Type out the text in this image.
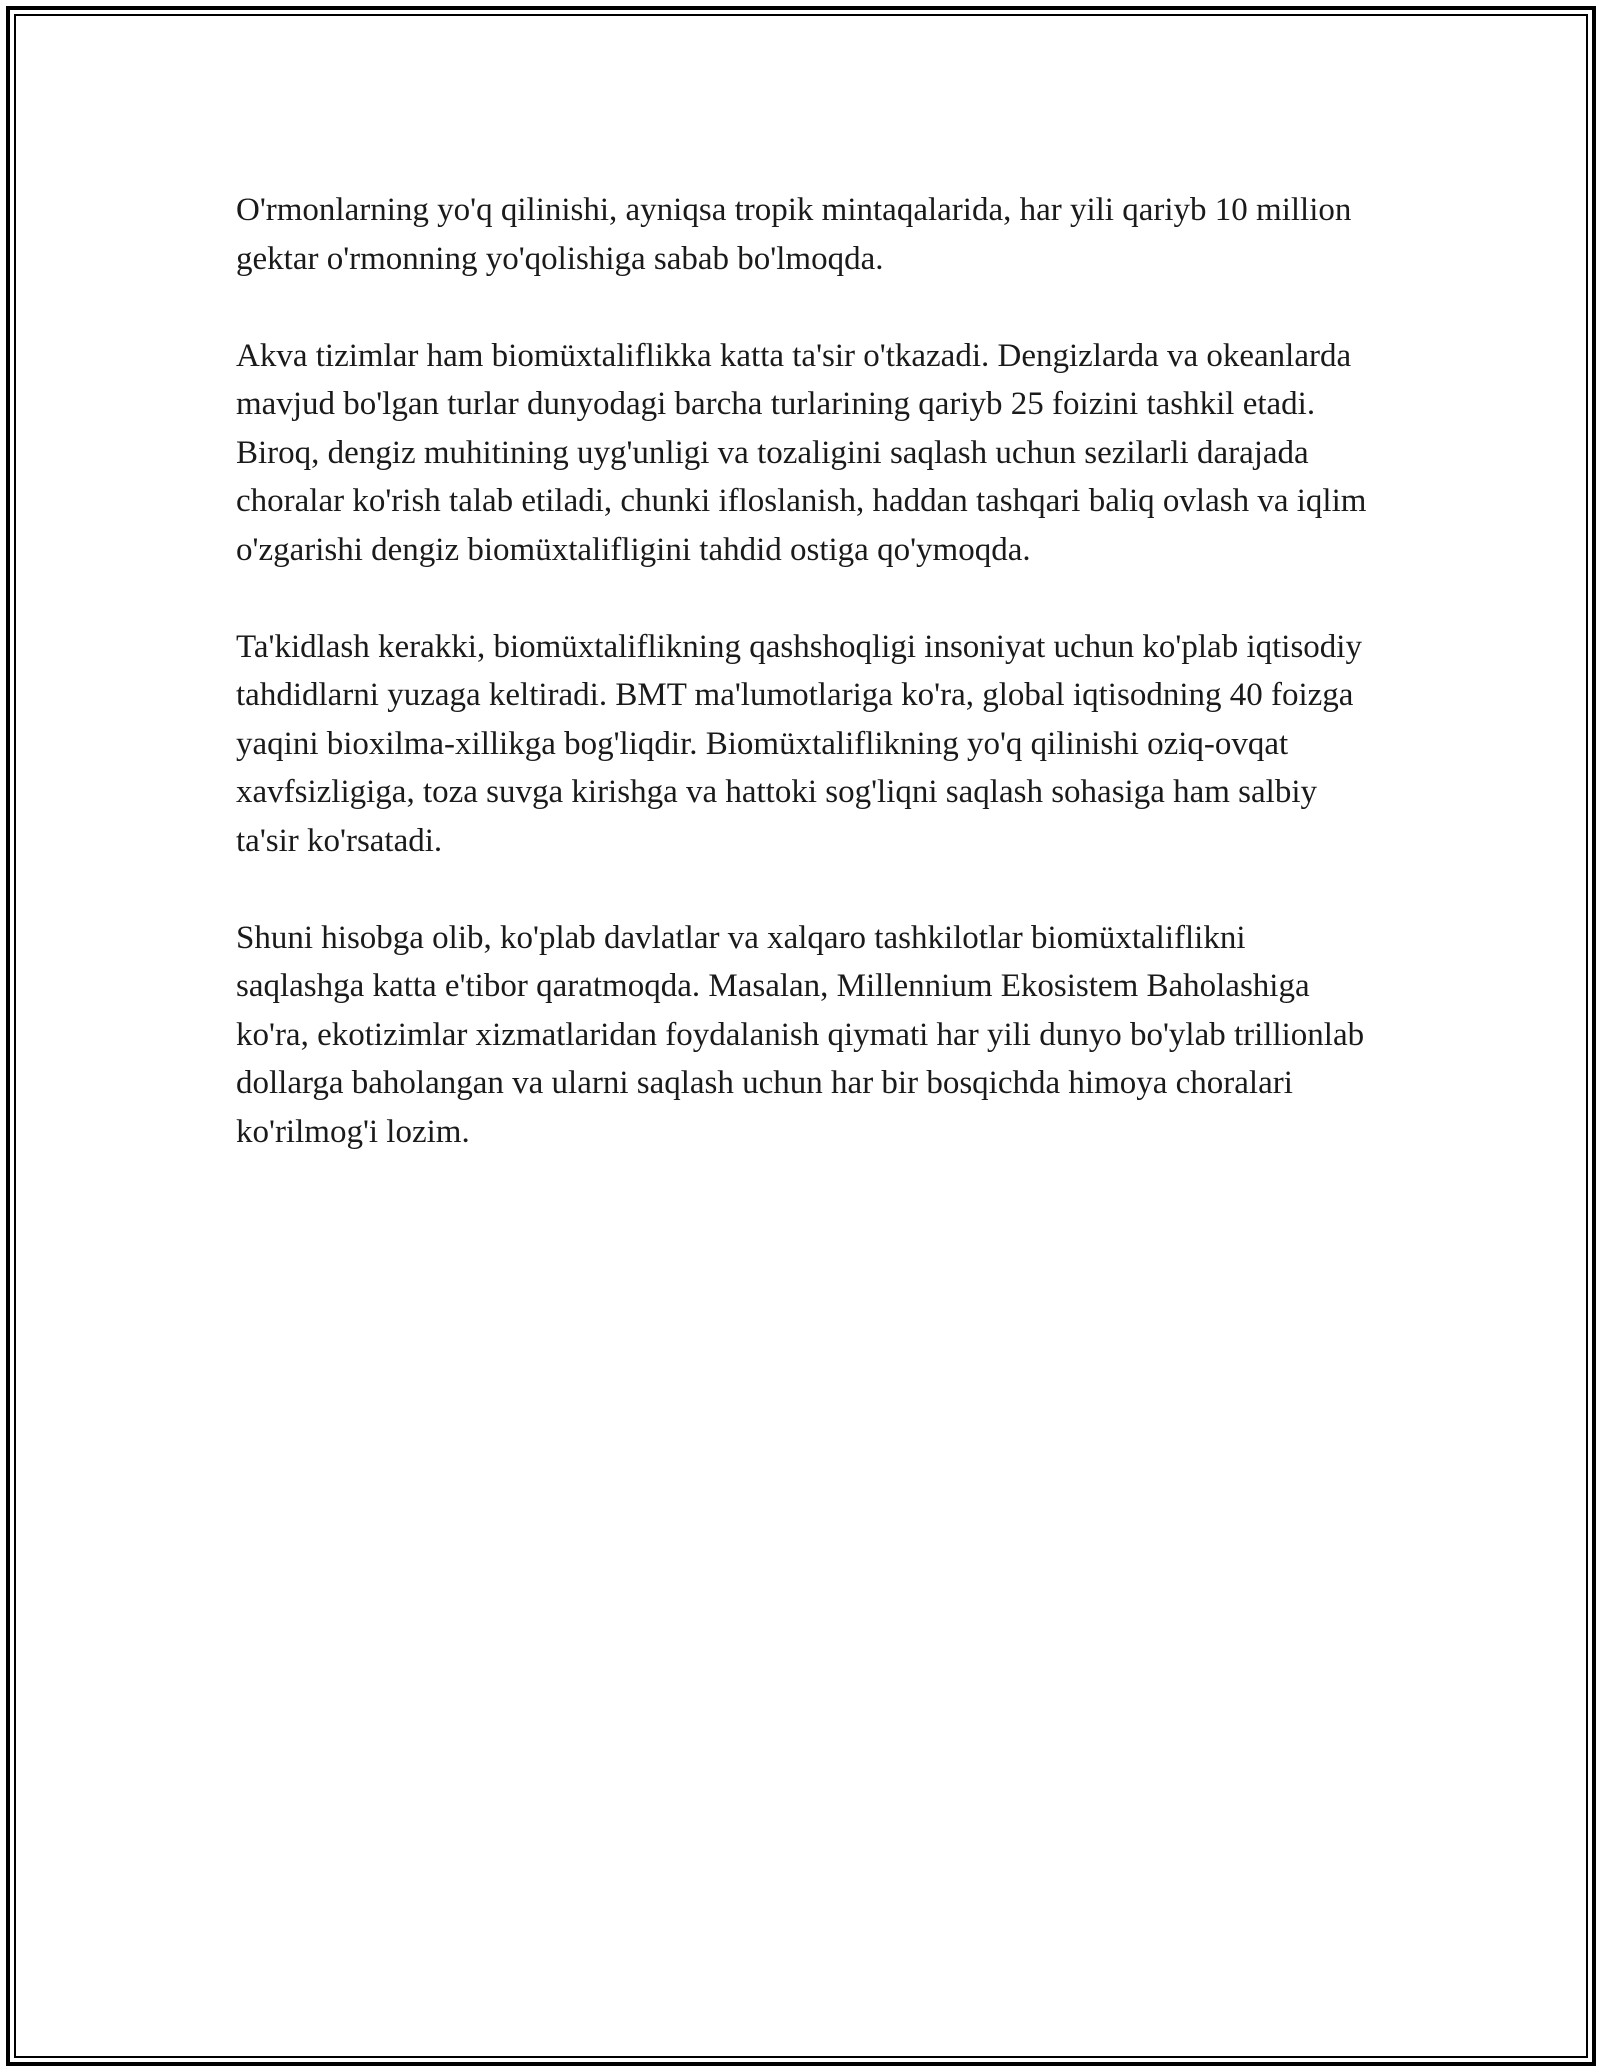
O'rmonlarning yo'q qilinishi, ayniqsa tropik mintaqalarida, har yili qariyb 10 million gektar o'rmonning yo'qolishiga sabab bo'lmoqda.

Akva tizimlar ham biomüxtaliflikka katta ta'sir o'tkazadi. Dengizlarda va okeanlarda mavjud bo'lgan turlar dunyodagi barcha turlarining qariyb 25 foizini tashkil etadi. Biroq, dengiz muhitining uyg'unligi va tozaligini saqlash uchun sezilarli darajada choralar ko'rish talab etiladi, chunki ifloslanish, haddan tashqari baliq ovlash va iqlim o'zgarishi dengiz biomüxtalifligini tahdid ostiga qo'ymoqda.

Ta'kidlash kerakki, biomüxtaliflikning qashshoqligi insoniyat uchun ko'plab iqtisodiy tahdidlarni yuzaga keltiradi. BMT ma'lumotlariga ko'ra, global iqtisodning 40 foizga yaqini bioxilma-xillikga bog'liqdir. Biomüxtaliflikning yo'q qilinishi oziq-ovqat xavfsizligiga, toza suvga kirishga va hattoki sog'liqni saqlash sohasiga ham salbiy ta'sir ko'rsatadi.

Shuni hisobga olib, ko'plab davlatlar va xalqaro tashkilotlar biomüxtaliflikni saqlashga katta e'tibor qaratmoqda. Masalan, Millennium Ekosistem Baholashiga ko'ra, ekotizimlar xizmatlaridan foydalanish qiymati har yili dunyo bo'ylab trillionlab dollarga baholangan va ularni saqlash uchun har bir bosqichda himoya choralari ko'rilmog'i lozim.
